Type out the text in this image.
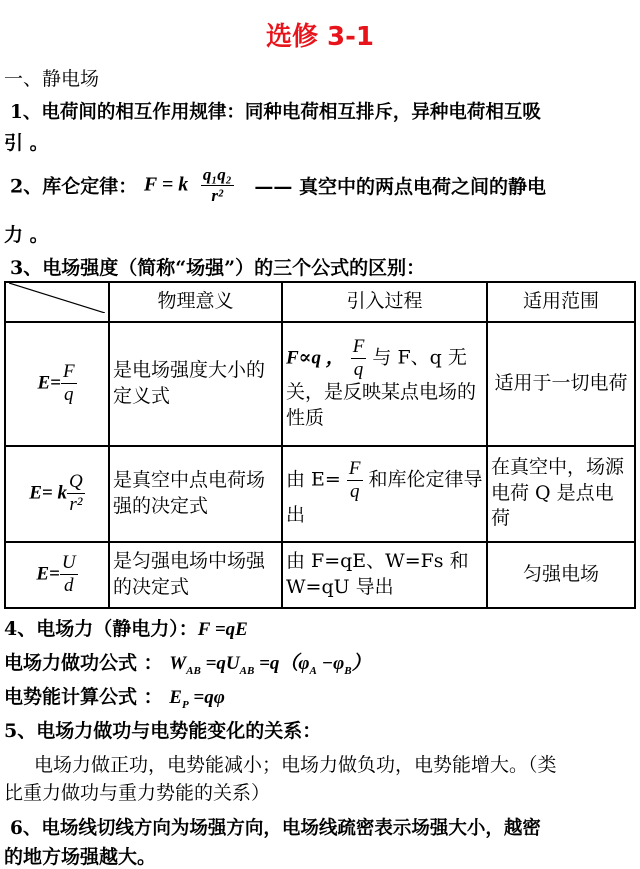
选修 3-1
一、静电场
1、电荷间的相互作用规律：同种电荷相互排斥，异种电荷相互吸
引 。
2、库仑定律： F = k $\frac{\text{q₁q₂}}{\text{r²}}$ —— 真空中的两点电荷之间的静电
力 。
3、电场强度（简称“场强”）的三个公式的区别：
	物理意义	引入过程	适用范围
$E= \frac{F}{q}$	是电场强度大小的定义式	F∝q ， $\frac{F}{q}$ 与 F、q 无关，是反映某点电场的性质	适用于一切电荷
E= k $\frac{Q}{\text{r²}}$	是真空中点电荷场强的决定式	由 $E= \frac{F}{q}$ 和库伦定律导出	在真空中，场源电荷 Q 是点电荷
$E= \frac{U}{d}$	是匀强电场中场强的决定式	由 F=qE、W=Fs 和 W=qU 导出	匀强电场
4、电场力（静电力）：F =qE
电场力做功公式 ： $W_{AB} =qU_{AB} =q(\varphi_A -\varphi_B)$
电势能计算公式 ： $E_P =q\varphi$
5、电场力做功与电势能变化的关系：
电场力做正功，电势能减小；电场力做负功，电势能增大。（类
比重力做功与重力势能的关系）
6、电场线切线方向为场强方向，电场线疏密表示场强大小，越密
的地方场强越大。
